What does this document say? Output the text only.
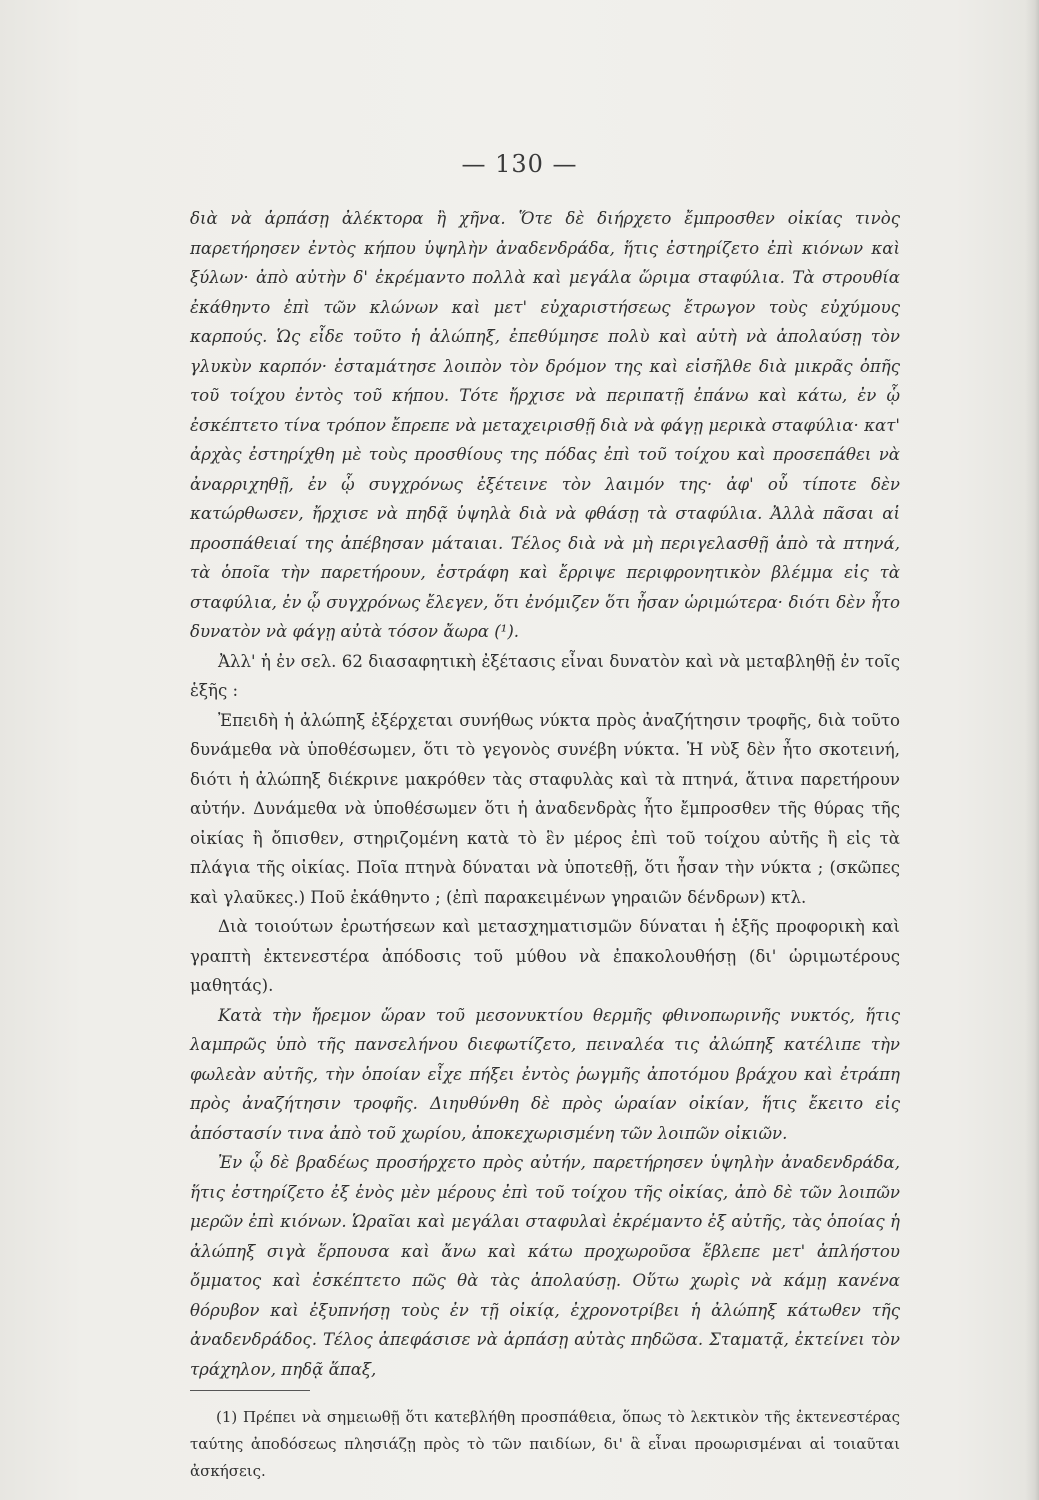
— 130 —

διὰ νὰ ἁρπάσῃ ἀλέκτορα ἢ χῆνα. Ὅτε δὲ διήρχετο ἔμπροσθεν οἰκίας τινὸς παρετήρησεν ἐντὸς κήπου ὑψηλὴν ἀναδενδράδα, ἥτις ἐστηρίζετο ἐπὶ κιόνων καὶ ξύλων· ἀπὸ αὐτὴν δ' ἐκρέμαντο πολλὰ καὶ μεγάλα ὥριμα σταφύλια. Τὰ στρουθία ἐκάθηντο ἐπὶ τῶν κλώνων καὶ μετ' εὐχαριστήσεως ἔτρωγον τοὺς εὐχύμους καρπούς. Ὡς εἶδε τοῦτο ἡ ἀλώπηξ, ἐπεθύμησε πολὺ καὶ αὐτὴ νὰ ἀπολαύσῃ τὸν γλυκὺν καρπόν· ἐσταμάτησε λοιπὸν τὸν δρόμον της καὶ εἰσῆλθε διὰ μικρᾶς ὀπῆς τοῦ τοίχου ἐντὸς τοῦ κήπου. Τότε ἤρχισε νὰ περιπατῇ ἐπάνω καὶ κάτω, ἐν ᾧ ἐσκέπτετο τίνα τρόπον ἔπρεπε νὰ μεταχειρισθῇ διὰ νὰ φάγῃ μερικὰ σταφύλια· κατ' ἀρχὰς ἐστηρίχθη μὲ τοὺς προσθίους της πόδας ἐπὶ τοῦ τοίχου καὶ προσεπάθει νὰ ἀναρριχηθῇ, ἐν ᾧ συγχρόνως ἐξέτεινε τὸν λαιμόν της· ἀφ' οὗ τίποτε δὲν κατώρθωσεν, ἤρχισε νὰ πηδᾷ ὑψηλὰ διὰ νὰ φθάσῃ τὰ σταφύλια. Ἀλλὰ πᾶσαι αἱ προσπάθειαί της ἀπέβησαν μάταιαι. Τέλος διὰ νὰ μὴ περιγελασθῇ ἀπὸ τὰ πτηνά, τὰ ὁποῖα τὴν παρετήρουν, ἐστράφη καὶ ἔρριψε περιφρονητικὸν βλέμμα εἰς τὰ σταφύλια, ἐν ᾧ συγχρόνως ἔλεγεν, ὅτι ἐνόμιζεν ὅτι ἦσαν ὡριμώτερα· διότι δὲν ἦτο δυνατὸν νὰ φάγῃ αὐτὰ τόσον ἄωρα (¹).

Ἀλλ' ἡ ἐν σελ. 62 διασαφητικὴ ἐξέτασις εἶναι δυνατὸν καὶ νὰ μεταβληθῇ ἐν τοῖς ἑξῆς :

Ἐπειδὴ ἡ ἀλώπηξ ἐξέρχεται συνήθως νύκτα πρὸς ἀναζήτησιν τροφῆς, διὰ τοῦτο δυνάμεθα νὰ ὑποθέσωμεν, ὅτι τὸ γεγονὸς συνέβη νύκτα. Ἡ νὺξ δὲν ἦτο σκοτεινή, διότι ἡ ἀλώπηξ διέκρινε μακρόθεν τὰς σταφυλὰς καὶ τὰ πτηνά, ἅτινα παρετήρουν αὐτήν. Δυνάμεθα νὰ ὑποθέσωμεν ὅτι ἡ ἀναδενδρὰς ἦτο ἔμπροσθεν τῆς θύρας τῆς οἰκίας ἢ ὄπισθεν, στηριζομένη κατὰ τὸ ἓν μέρος ἐπὶ τοῦ τοίχου αὐτῆς ἢ εἰς τὰ πλάγια τῆς οἰκίας. Ποῖα πτηνὰ δύναται νὰ ὑποτεθῇ, ὅτι ἦσαν τὴν νύκτα ; (σκῶπες καὶ γλαῦκες.) Ποῦ ἐκάθηντο ; (ἐπὶ παρακειμένων γηραιῶν δένδρων) κτλ.

Διὰ τοιούτων ἐρωτήσεων καὶ μετασχηματισμῶν δύναται ἡ ἑξῆς προφορικὴ καὶ γραπτὴ ἐκτενεστέρα ἀπόδοσις τοῦ μύθου νὰ ἐπακολουθήσῃ (δι' ὡριμωτέρους μαθητάς).

Κατὰ τὴν ἤρεμον ὥραν τοῦ μεσονυκτίου θερμῆς φθινοπωρινῆς νυκτός, ἥτις λαμπρῶς ὑπὸ τῆς πανσελήνου διεφωτίζετο, πειναλέα τις ἀλώπηξ κατέλιπε τὴν φωλεὰν αὐτῆς, τὴν ὁποίαν εἶχε πήξει ἐντὸς ῥωγμῆς ἀποτόμου βράχου καὶ ἐτράπη πρὸς ἀναζήτησιν τροφῆς. Διηυθύνθη δὲ πρὸς ὡραίαν οἰκίαν, ἥτις ἔκειτο εἰς ἀπόστασίν τινα ἀπὸ τοῦ χωρίου, ἀποκεχωρισμένη τῶν λοιπῶν οἰκιῶν.

Ἐν ᾧ δὲ βραδέως προσήρχετο πρὸς αὐτήν, παρετήρησεν ὑψηλὴν ἀναδενδράδα, ἥτις ἐστηρίζετο ἐξ ἑνὸς μὲν μέρους ἐπὶ τοῦ τοίχου τῆς οἰκίας, ἀπὸ δὲ τῶν λοιπῶν μερῶν ἐπὶ κιόνων. Ὡραῖαι καὶ μεγάλαι σταφυλαὶ ἐκρέμαντο ἐξ αὐτῆς, τὰς ὁποίας ἡ ἀλώπηξ σιγὰ ἕρπουσα καὶ ἄνω καὶ κάτω προχωροῦσα ἔβλεπε μετ' ἀπλήστου ὄμματος καὶ ἐσκέπτετο πῶς θὰ τὰς ἀπολαύσῃ. Οὕτω χωρὶς νὰ κάμῃ κανένα θόρυβον καὶ ἐξυπνήσῃ τοὺς ἐν τῇ οἰκίᾳ, ἐχρονοτρίβει ἡ ἀλώπηξ κάτωθεν τῆς ἀναδενδράδος. Τέλος ἀπεφάσισε νὰ ἁρπάσῃ αὐτὰς πηδῶσα. Σταματᾷ, ἐκτείνει τὸν τράχηλον, πηδᾷ ἅπαξ,

(1) Πρέπει νὰ σημειωθῇ ὅτι κατεβλήθη προσπάθεια, ὅπως τὸ λεκτικὸν τῆς ἐκτενεστέρας ταύτης ἀποδόσεως πλησιάζῃ πρὸς τὸ τῶν παιδίων, δι' ἃ εἶναι προωρισμέναι αἱ τοιαῦται ἀσκήσεις.
